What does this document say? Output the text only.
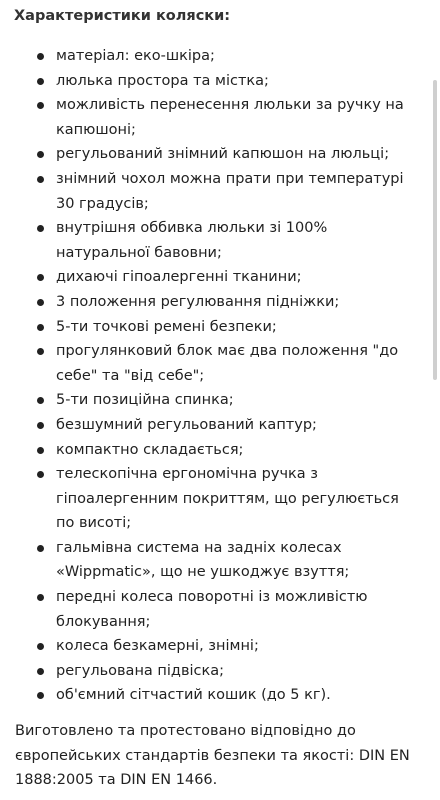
Характеристики коляски:
матеріал: еко-шкіра;
люлька простора та містка;
можливість перенесення люльки за ручку на капюшоні;
регульований знімний капюшон на люльці;
знімний чохол можна прати при температурі 30 градусів;
внутрішня оббивка люльки зі 100% натуральної бавовни;
дихаючі гіпоалергенні тканини;
3 положення регулювання підніжки;
5-ти точкові ремені безпеки;
прогулянковий блок має два положення "до себе" та "від себе";
5-ти позиційна спинка;
безшумний регульований каптур;
компактно складається;
телескопічна ергономічна ручка з гіпоалергенним покриттям, що регулюється по висоті;
гальмівна система на задніх колесах «Wippmatic», що не ушкоджує взуття;
передні колеса поворотні із можливістю блокування;
колеса безкамерні, знімні;
регульована підвіска;
об'ємний сітчастий кошик (до 5 кг).

Виготовлено та протестовано відповідно до європейських стандартів безпеки та якості: DIN EN 1888:2005 та DIN EN 1466.
